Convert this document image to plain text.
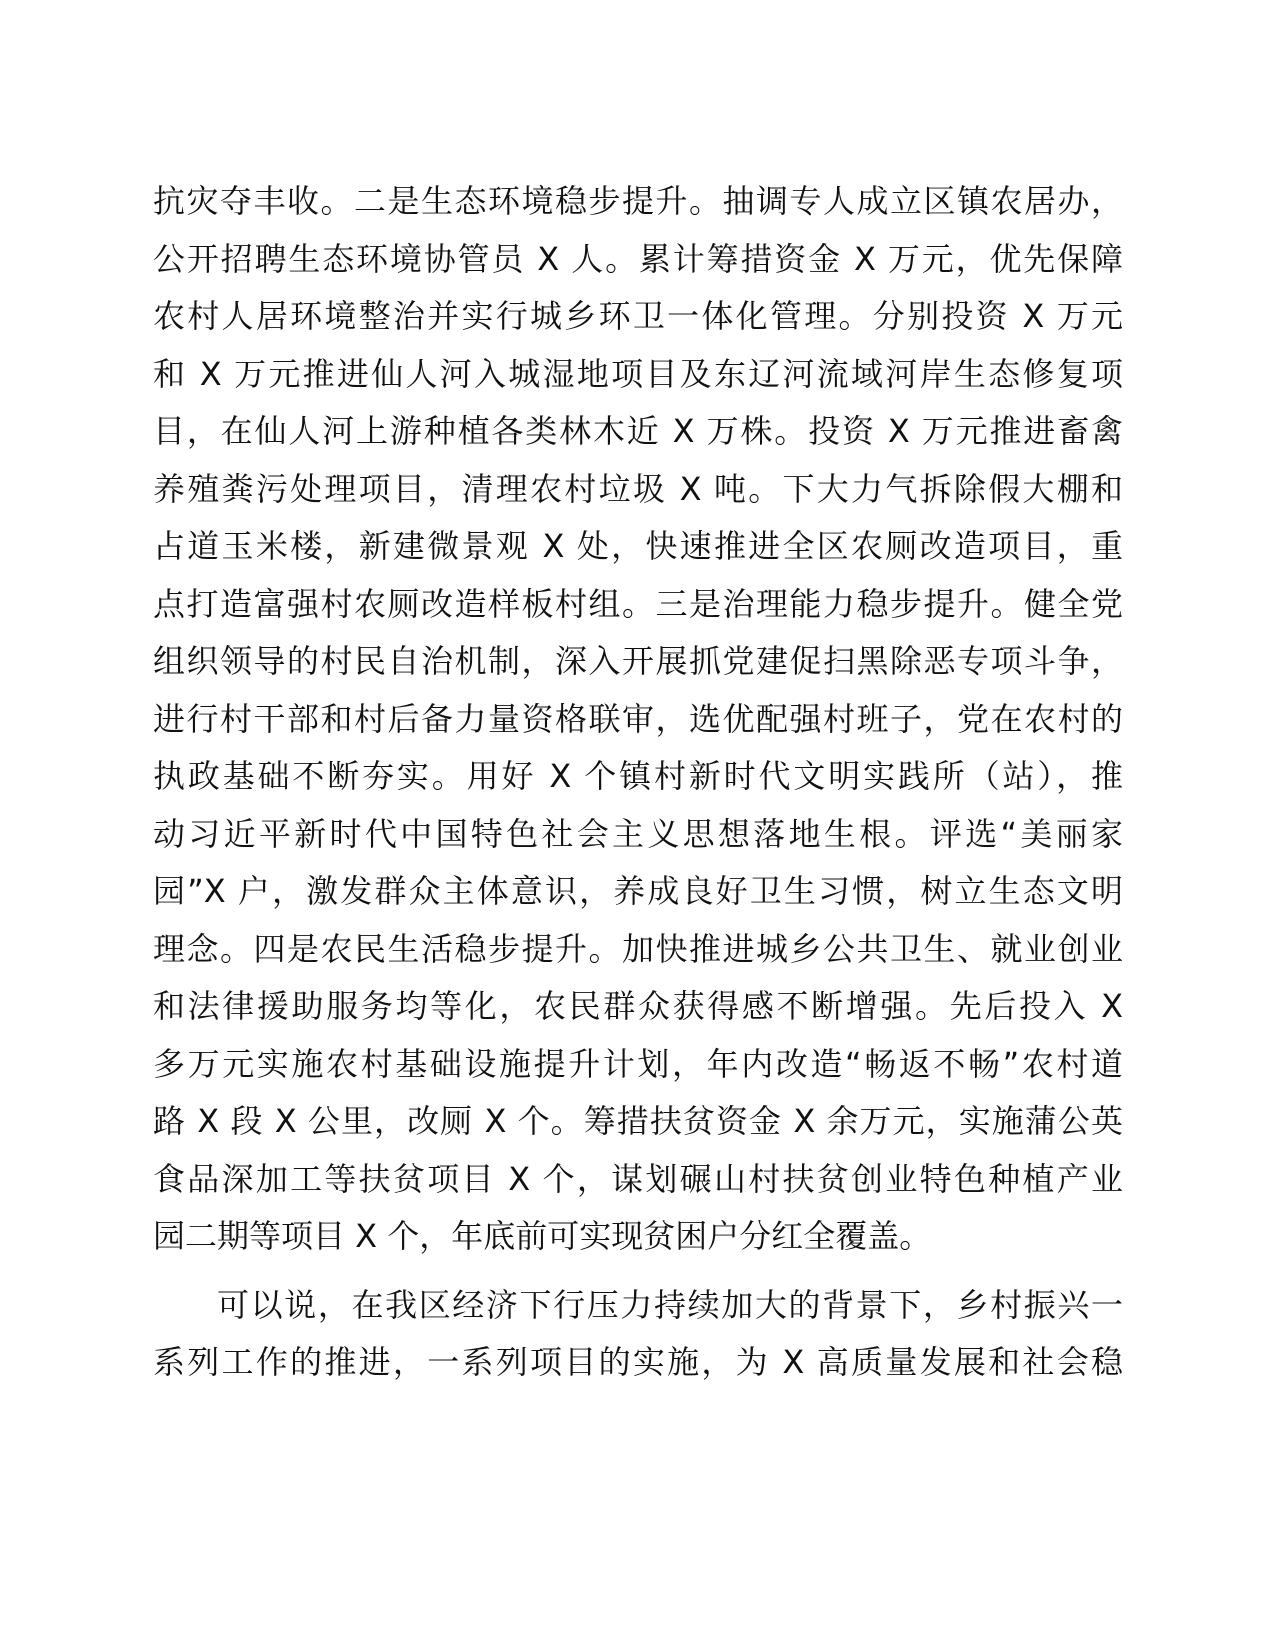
抗灾夺丰收。二是生态环境稳步提升。抽调专人成立区镇农居办，
公开招聘生态环境协管员 X 人。累计筹措资金 X 万元，优先保障
农村人居环境整治并实行城乡环卫一体化管理。分别投资 X 万元
和 X 万元推进仙人河入城湿地项目及东辽河流域河岸生态修复项
目，在仙人河上游种植各类林木近 X 万株。投资 X 万元推进畜禽
养殖粪污处理项目，清理农村垃圾 X 吨。下大力气拆除假大棚和
占道玉米楼，新建微景观 X 处，快速推进全区农厕改造项目，重
点打造富强村农厕改造样板村组。三是治理能力稳步提升。健全党
组织领导的村民自治机制，深入开展抓党建促扫黑除恶专项斗争，
进行村干部和村后备力量资格联审，选优配强村班子，党在农村的
执政基础不断夯实。用好 X 个镇村新时代文明实践所（站），推
动习近平新时代中国特色社会主义思想落地生根。评选“美丽家
园”X 户，激发群众主体意识，养成良好卫生习惯，树立生态文明
理念。四是农民生活稳步提升。加快推进城乡公共卫生、就业创业
和法律援助服务均等化，农民群众获得感不断增强。先后投入 X
多万元实施农村基础设施提升计划，年内改造“畅返不畅”农村道
路 X 段 X 公里，改厕 X 个。筹措扶贫资金 X 余万元，实施蒲公英
食品深加工等扶贫项目 X 个，谋划碾山村扶贫创业特色种植产业
园二期等项目 X 个，年底前可实现贫困户分红全覆盖。
可以说，在我区经济下行压力持续加大的背景下，乡村振兴一
系列工作的推进，一系列项目的实施，为 X 高质量发展和社会稳
